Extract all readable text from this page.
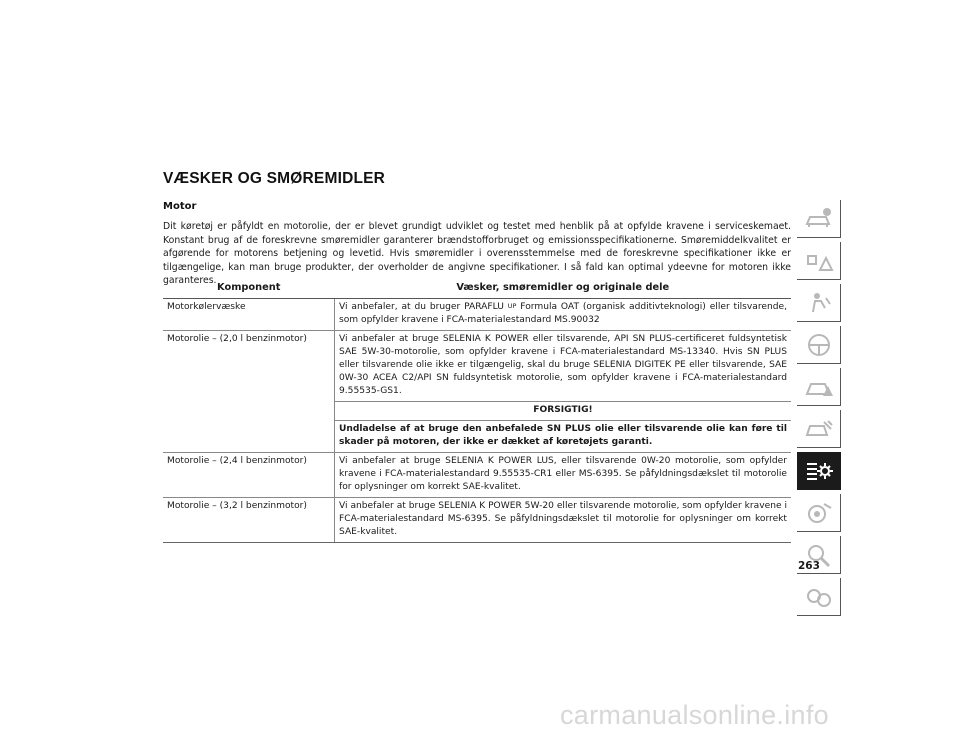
VÆSKER OG SMØREMIDLER
Motor
Dit køretøj er påfyldt en motorolie, der er blevet grundigt udviklet og testet med henblik på at opfylde kravene i serviceskemaet. Konstant brug af de foreskrevne smøremidler garanterer brændstofforbruget og emissionsspecifikationerne. Smøremiddelkvalitet er afgørende for motorens betjening og levetid. Hvis smøremidler i overensstemmelse med de foreskrevne specifikationer ikke er tilgængelige, kan man bruge produkter, der overholder de angivne specifikationer. I så fald kan optimal ydeevne for motoren ikke garanteres.
Komponent	Væsker, smøremidler og originale dele
Motorkølervæske	Vi anbefaler, at du bruger PARAFLU $^{UP}$ Formula OAT (organisk additivteknologi) eller tilsvarende, som opfylder kravene i FCA-materialestandard MS.90032
Motorolie – (2,0 l benzinmotor)	Vi anbefaler at bruge SELENIA K POWER eller tilsvarende, API SN PLUS-certificeret fuldsyntetisk SAE 5W-30-motorolie, som opfylder kravene i FCA-materialestandard MS-13340. Hvis SN PLUS eller tilsvarende olie ikke er tilgængelig, skal du bruge SELENIA DIGITEK PE eller tilsvarende, SAE 0W-30 ACEA C2/API SN fuldsyntetisk motorolie, som opfylder kravene i FCA-materialestandard 9.55535-GS1.
	FORSIGTIG!
	Undladelse af at bruge den anbefalede SN PLUS olie eller tilsvarende olie kan føre til skader på motoren, der ikke er dækket af køretøjets garanti.
Motorolie – (2,4 l benzinmotor)	Vi anbefaler at bruge SELENIA K POWER LUS, eller tilsvarende 0W-20 motorolie, som opfylder kravene i FCA-materialestandard 9.55535-CR1 eller MS-6395. Se påfyldningsdækslet til motorolie for oplysninger om korrekt SAE-kvalitet.
Motorolie – (3,2 l benzinmotor)	Vi anbefaler at bruge SELENIA K POWER 5W-20 eller tilsvarende motorolie, som opfylder kravene i FCA-materialestandard MS-6395. Se påfyldningsdækslet til motorolie for oplysninger om korrekt SAE-kvalitet.
263
carmanualsonline.info
